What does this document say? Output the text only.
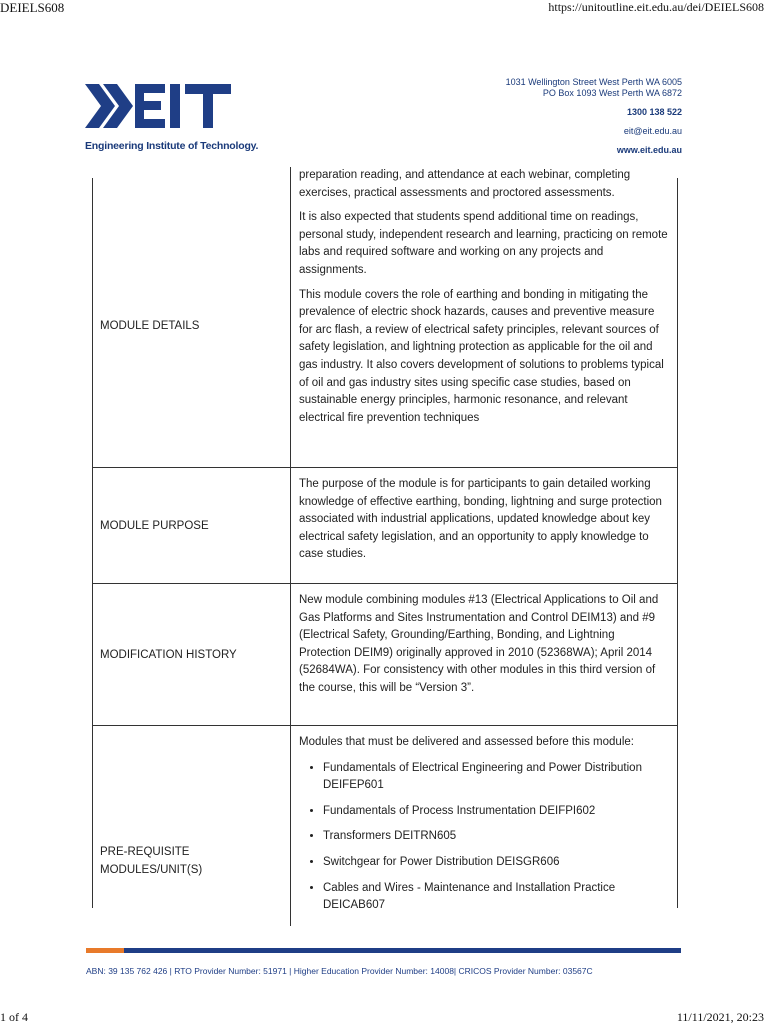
DEIELS608	https://unitoutline.eit.edu.au/dei/DEIELS608
Engineering Institute of Technology.
1031 Wellington Street West Perth WA 6005
PO Box 1093 West Perth WA 6872
1300 138 522
eit@eit.edu.au
www.eit.edu.au
MODULE DETAILS

preparation reading, and attendance at each webinar, completing exercises, practical assessments and proctored assessments.

It is also expected that students spend additional time on readings, personal study, independent research and learning, practicing on remote labs and required software and working on any projects and assignments.

This module covers the role of earthing and bonding in mitigating the prevalence of electric shock hazards, causes and preventive measure for arc flash, a review of electrical safety principles, relevant sources of safety legislation, and lightning protection as applicable for the oil and gas industry. It also covers development of solutions to problems typical of oil and gas industry sites using specific case studies, based on sustainable energy principles, harmonic resonance, and relevant electrical fire prevention techniques

MODULE PURPOSE

The purpose of the module is for participants to gain detailed working knowledge of effective earthing, bonding, lightning and surge protection associated with industrial applications, updated knowledge about key electrical safety legislation, and an opportunity to apply knowledge to case studies.

MODIFICATION HISTORY

New module combining modules #13 (Electrical Applications to Oil and Gas Platforms and Sites Instrumentation and Control DEIM13) and #9 (Electrical Safety, Grounding/Earthing, Bonding, and Lightning Protection DEIM9) originally approved in 2010 (52368WA); April 2014 (52684WA). For consistency with other modules in this third version of the course, this will be “Version 3”.

PRE-REQUISITE MODULES/UNIT(S)

Modules that must be delivered and assessed before this module:

• Fundamentals of Electrical Engineering and Power Distribution DEIFEP601
• Fundamentals of Process Instrumentation DEIFPI602
• Transformers DEITRN605
• Switchgear for Power Distribution DEISGR606
• Cables and Wires - Maintenance and Installation Practice DEICAB607
ABN: 39 135 762 426 | RTO Provider Number: 51971 | Higher Education Provider Number: 14008| CRICOS Provider Number: 03567C
1 of 4	11/11/2021, 20:23
